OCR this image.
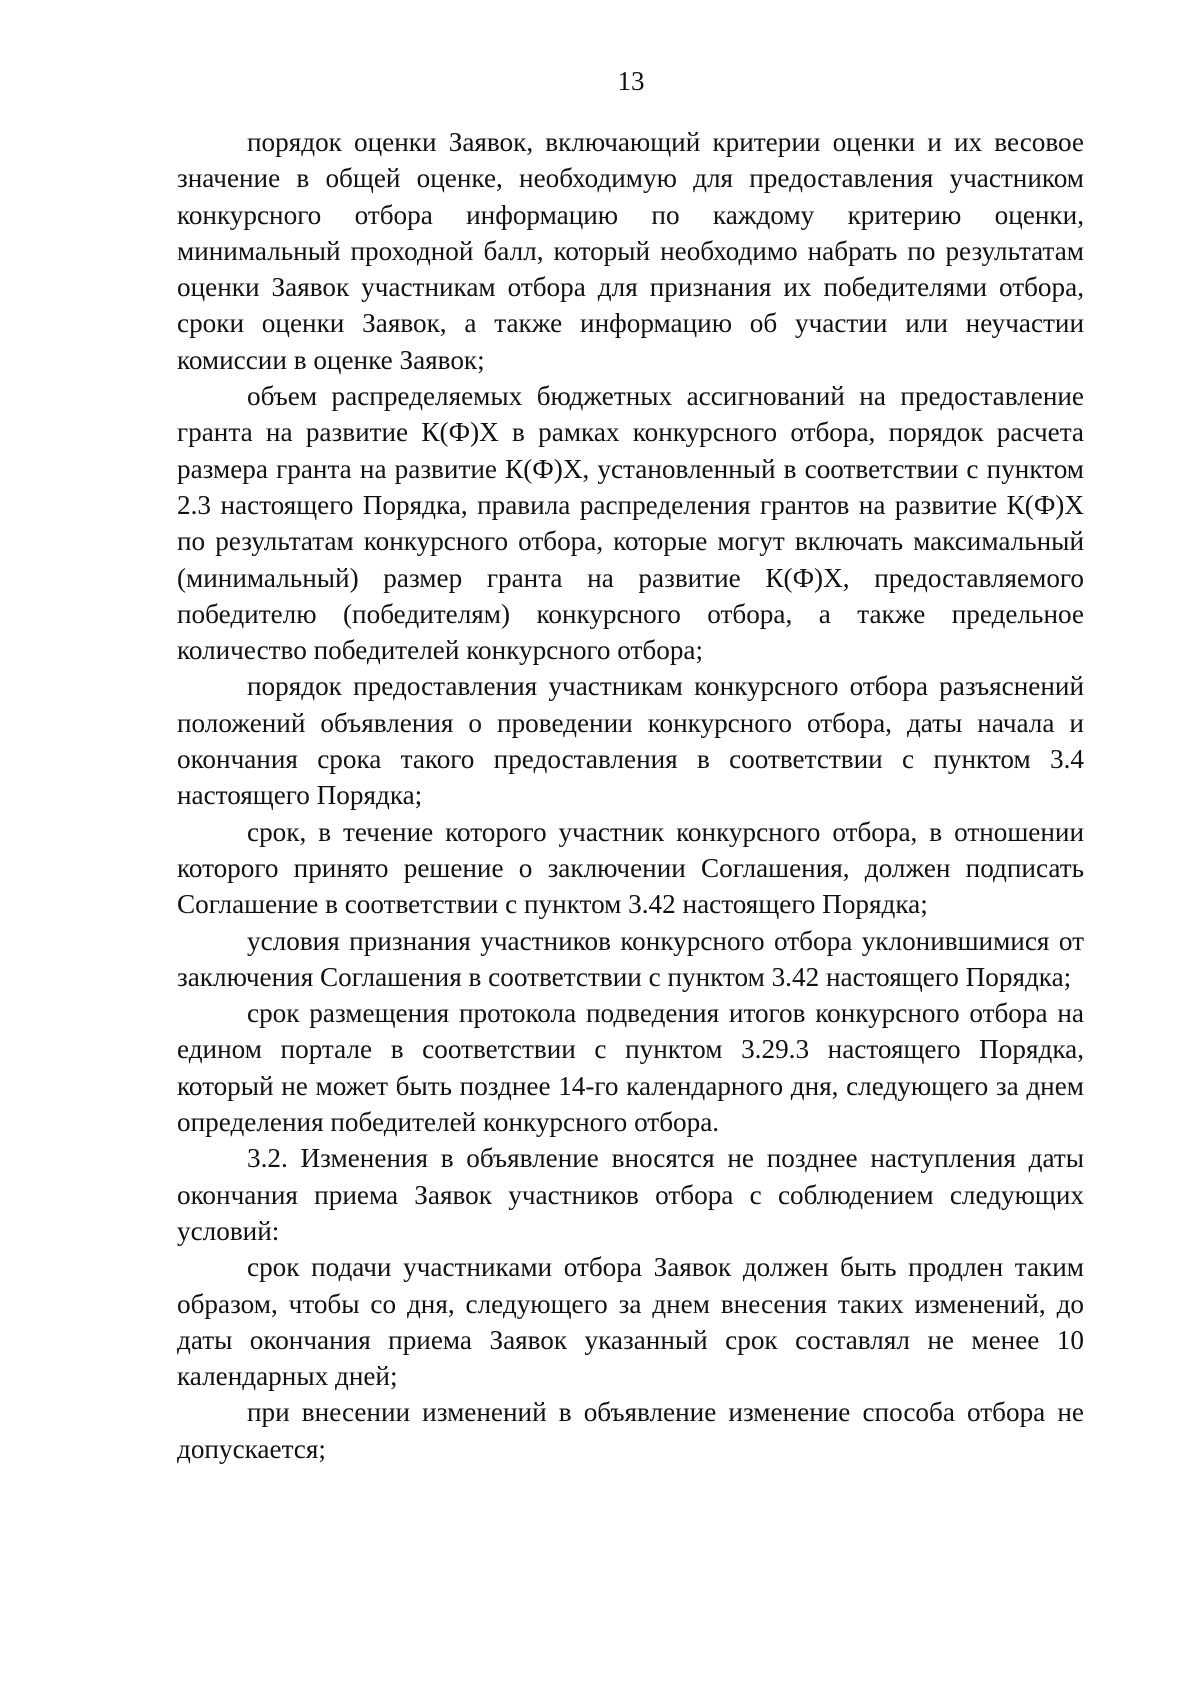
13

порядок оценки Заявок, включающий критерии оценки и их весовое значение в общей оценке, необходимую для предоставления участником конкурсного отбора информацию по каждому критерию оценки, минимальный проходной балл, который необходимо набрать по результатам оценки Заявок участникам отбора для признания их победителями отбора, сроки оценки Заявок, а также информацию об участии или неучастии комиссии в оценке Заявок;

объем распределяемых бюджетных ассигнований на предоставление гранта на развитие К(Ф)Х в рамках конкурсного отбора, порядок расчета размера гранта на развитие К(Ф)Х, установленный в соответствии с пунктом 2.3 настоящего Порядка, правила распределения грантов на развитие К(Ф)Х по результатам конкурсного отбора, которые могут включать максимальный (минимальный) размер гранта на развитие К(Ф)Х, предоставляемого победителю (победителям) конкурсного отбора, а также предельное количество победителей конкурсного отбора;

порядок предоставления участникам конкурсного отбора разъяснений положений объявления о проведении конкурсного отбора, даты начала и окончания срока такого предоставления в соответствии с пунктом 3.4 настоящего Порядка;

срок, в течение которого участник конкурсного отбора, в отношении которого принято решение о заключении Соглашения, должен подписать Соглашение в соответствии с пунктом 3.42 настоящего Порядка;

условия признания участников конкурсного отбора уклонившимися от заключения Соглашения в соответствии с пунктом 3.42 настоящего Порядка;

срок размещения протокола подведения итогов конкурсного отбора на едином портале в соответствии с пунктом 3.29.3 настоящего Порядка, который не может быть позднее 14-го календарного дня, следующего за днем определения победителей конкурсного отбора.

3.2. Изменения в объявление вносятся не позднее наступления даты окончания приема Заявок участников отбора с соблюдением следующих условий:

срок подачи участниками отбора Заявок должен быть продлен таким образом, чтобы со дня, следующего за днем внесения таких изменений, до даты окончания приема Заявок указанный срок составлял не менее 10 календарных дней;

при внесении изменений в объявление изменение способа отбора не допускается;
